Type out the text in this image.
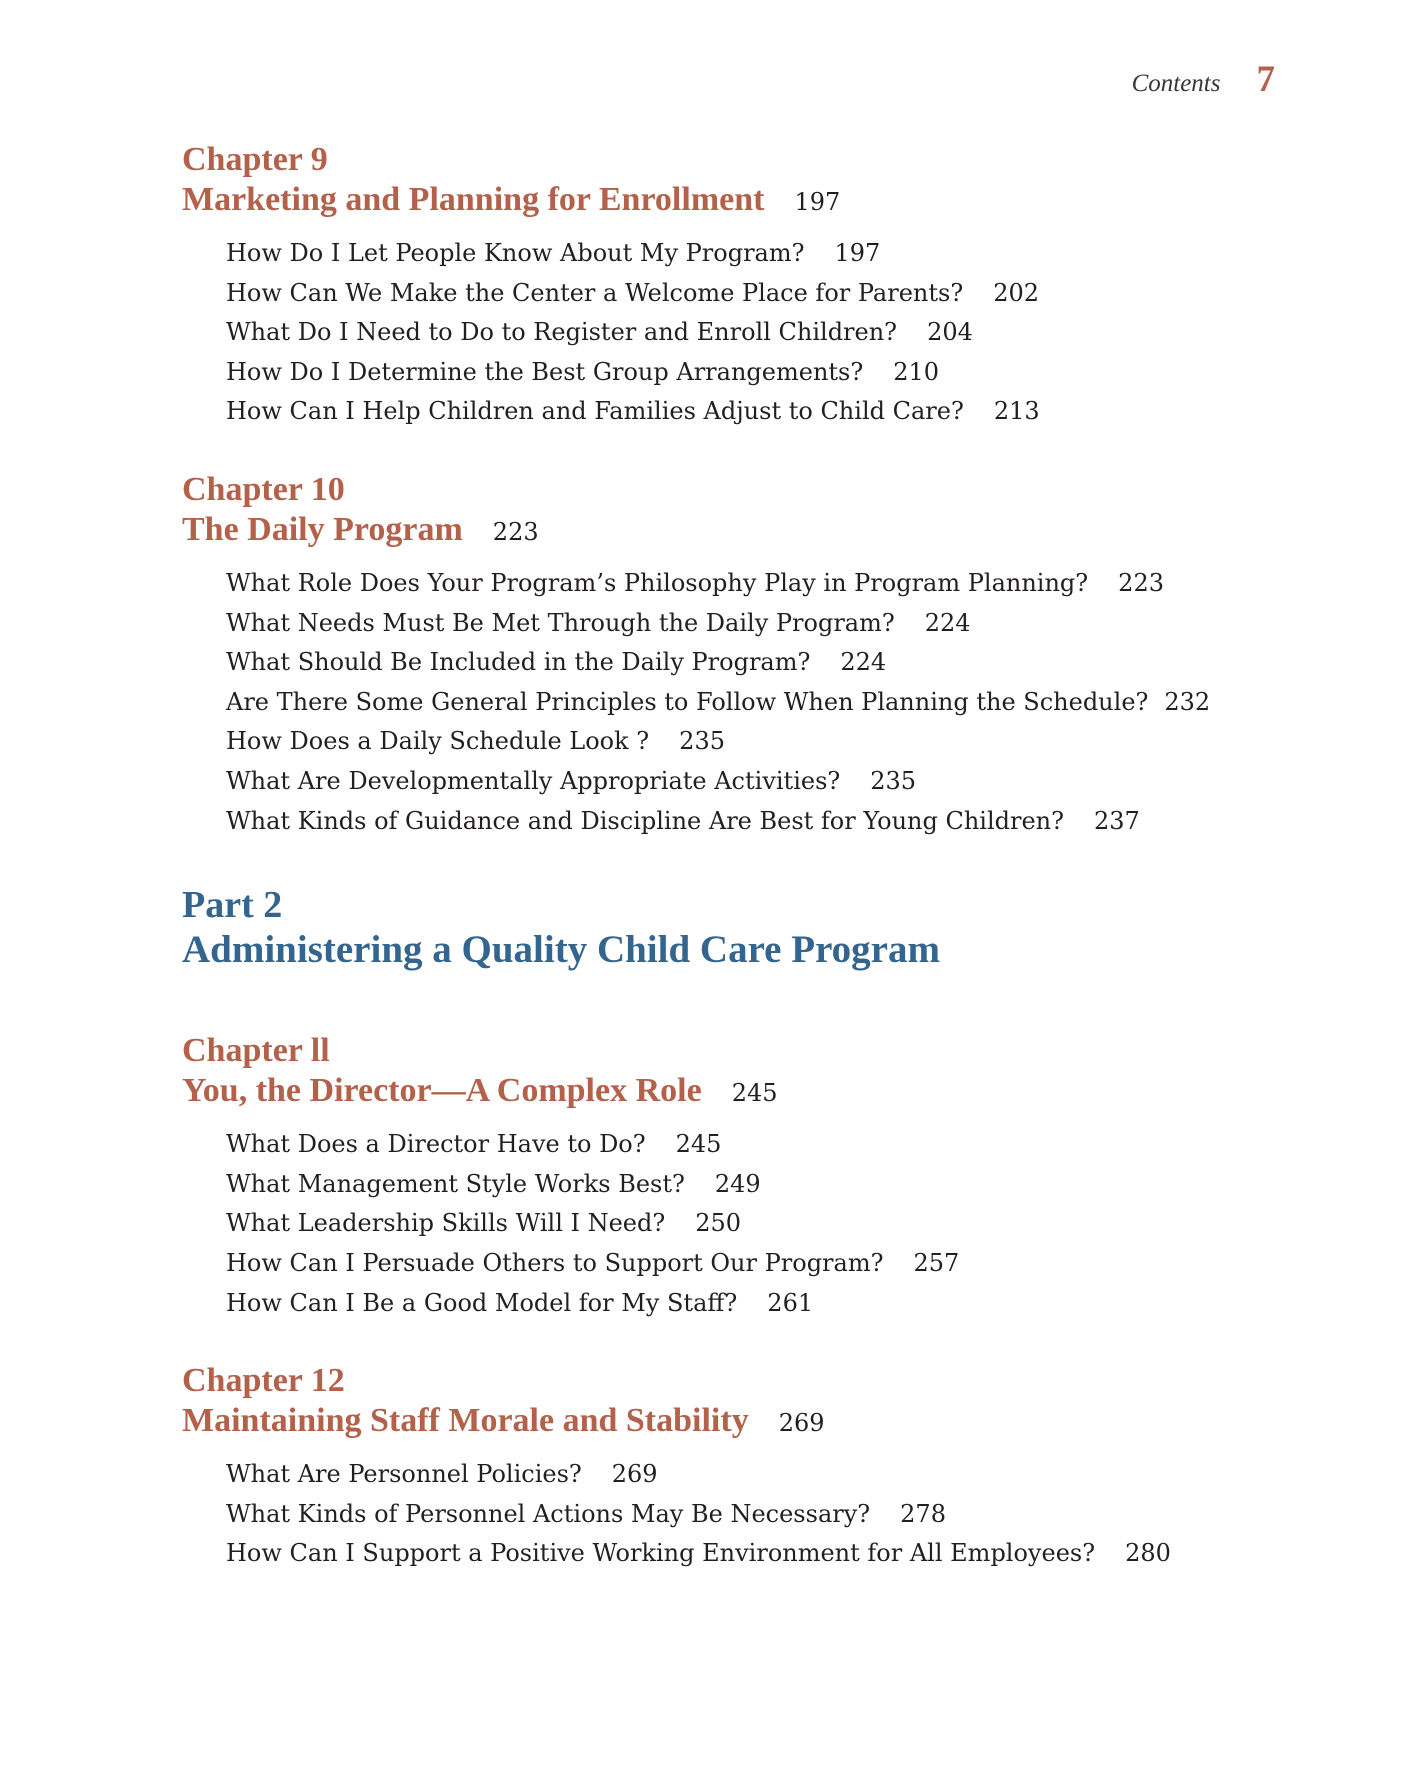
Contents 7
Chapter 9
Marketing and Planning for Enrollment 197
How Do I Let People Know About My Program? 197
How Can We Make the Center a Welcome Place for Parents? 202
What Do I Need to Do to Register and Enroll Children? 204
How Do I Determine the Best Group Arrangements? 210
How Can I Help Children and Families Adjust to Child Care? 213
Chapter 10
The Daily Program 223
What Role Does Your Program’s Philosophy Play in Program Planning? 223
What Needs Must Be Met Through the Daily Program? 224
What Should Be Included in the Daily Program? 224
Are There Some General Principles to Follow When Planning the Schedule? 232
How Does a Daily Schedule Look ? 235
What Are Developmentally Appropriate Activities? 235
What Kinds of Guidance and Discipline Are Best for Young Children? 237
Part 2
Administering a Quality Child Care Program
Chapter ll
You, the Director—A Complex Role 245
What Does a Director Have to Do? 245
What Management Style Works Best? 249
What Leadership Skills Will I Need? 250
How Can I Persuade Others to Support Our Program? 257
How Can I Be a Good Model for My Staff? 261
Chapter 12
Maintaining Staff Morale and Stability 269
What Are Personnel Policies? 269
What Kinds of Personnel Actions May Be Necessary? 278
How Can I Support a Positive Working Environment for All Employees? 280
